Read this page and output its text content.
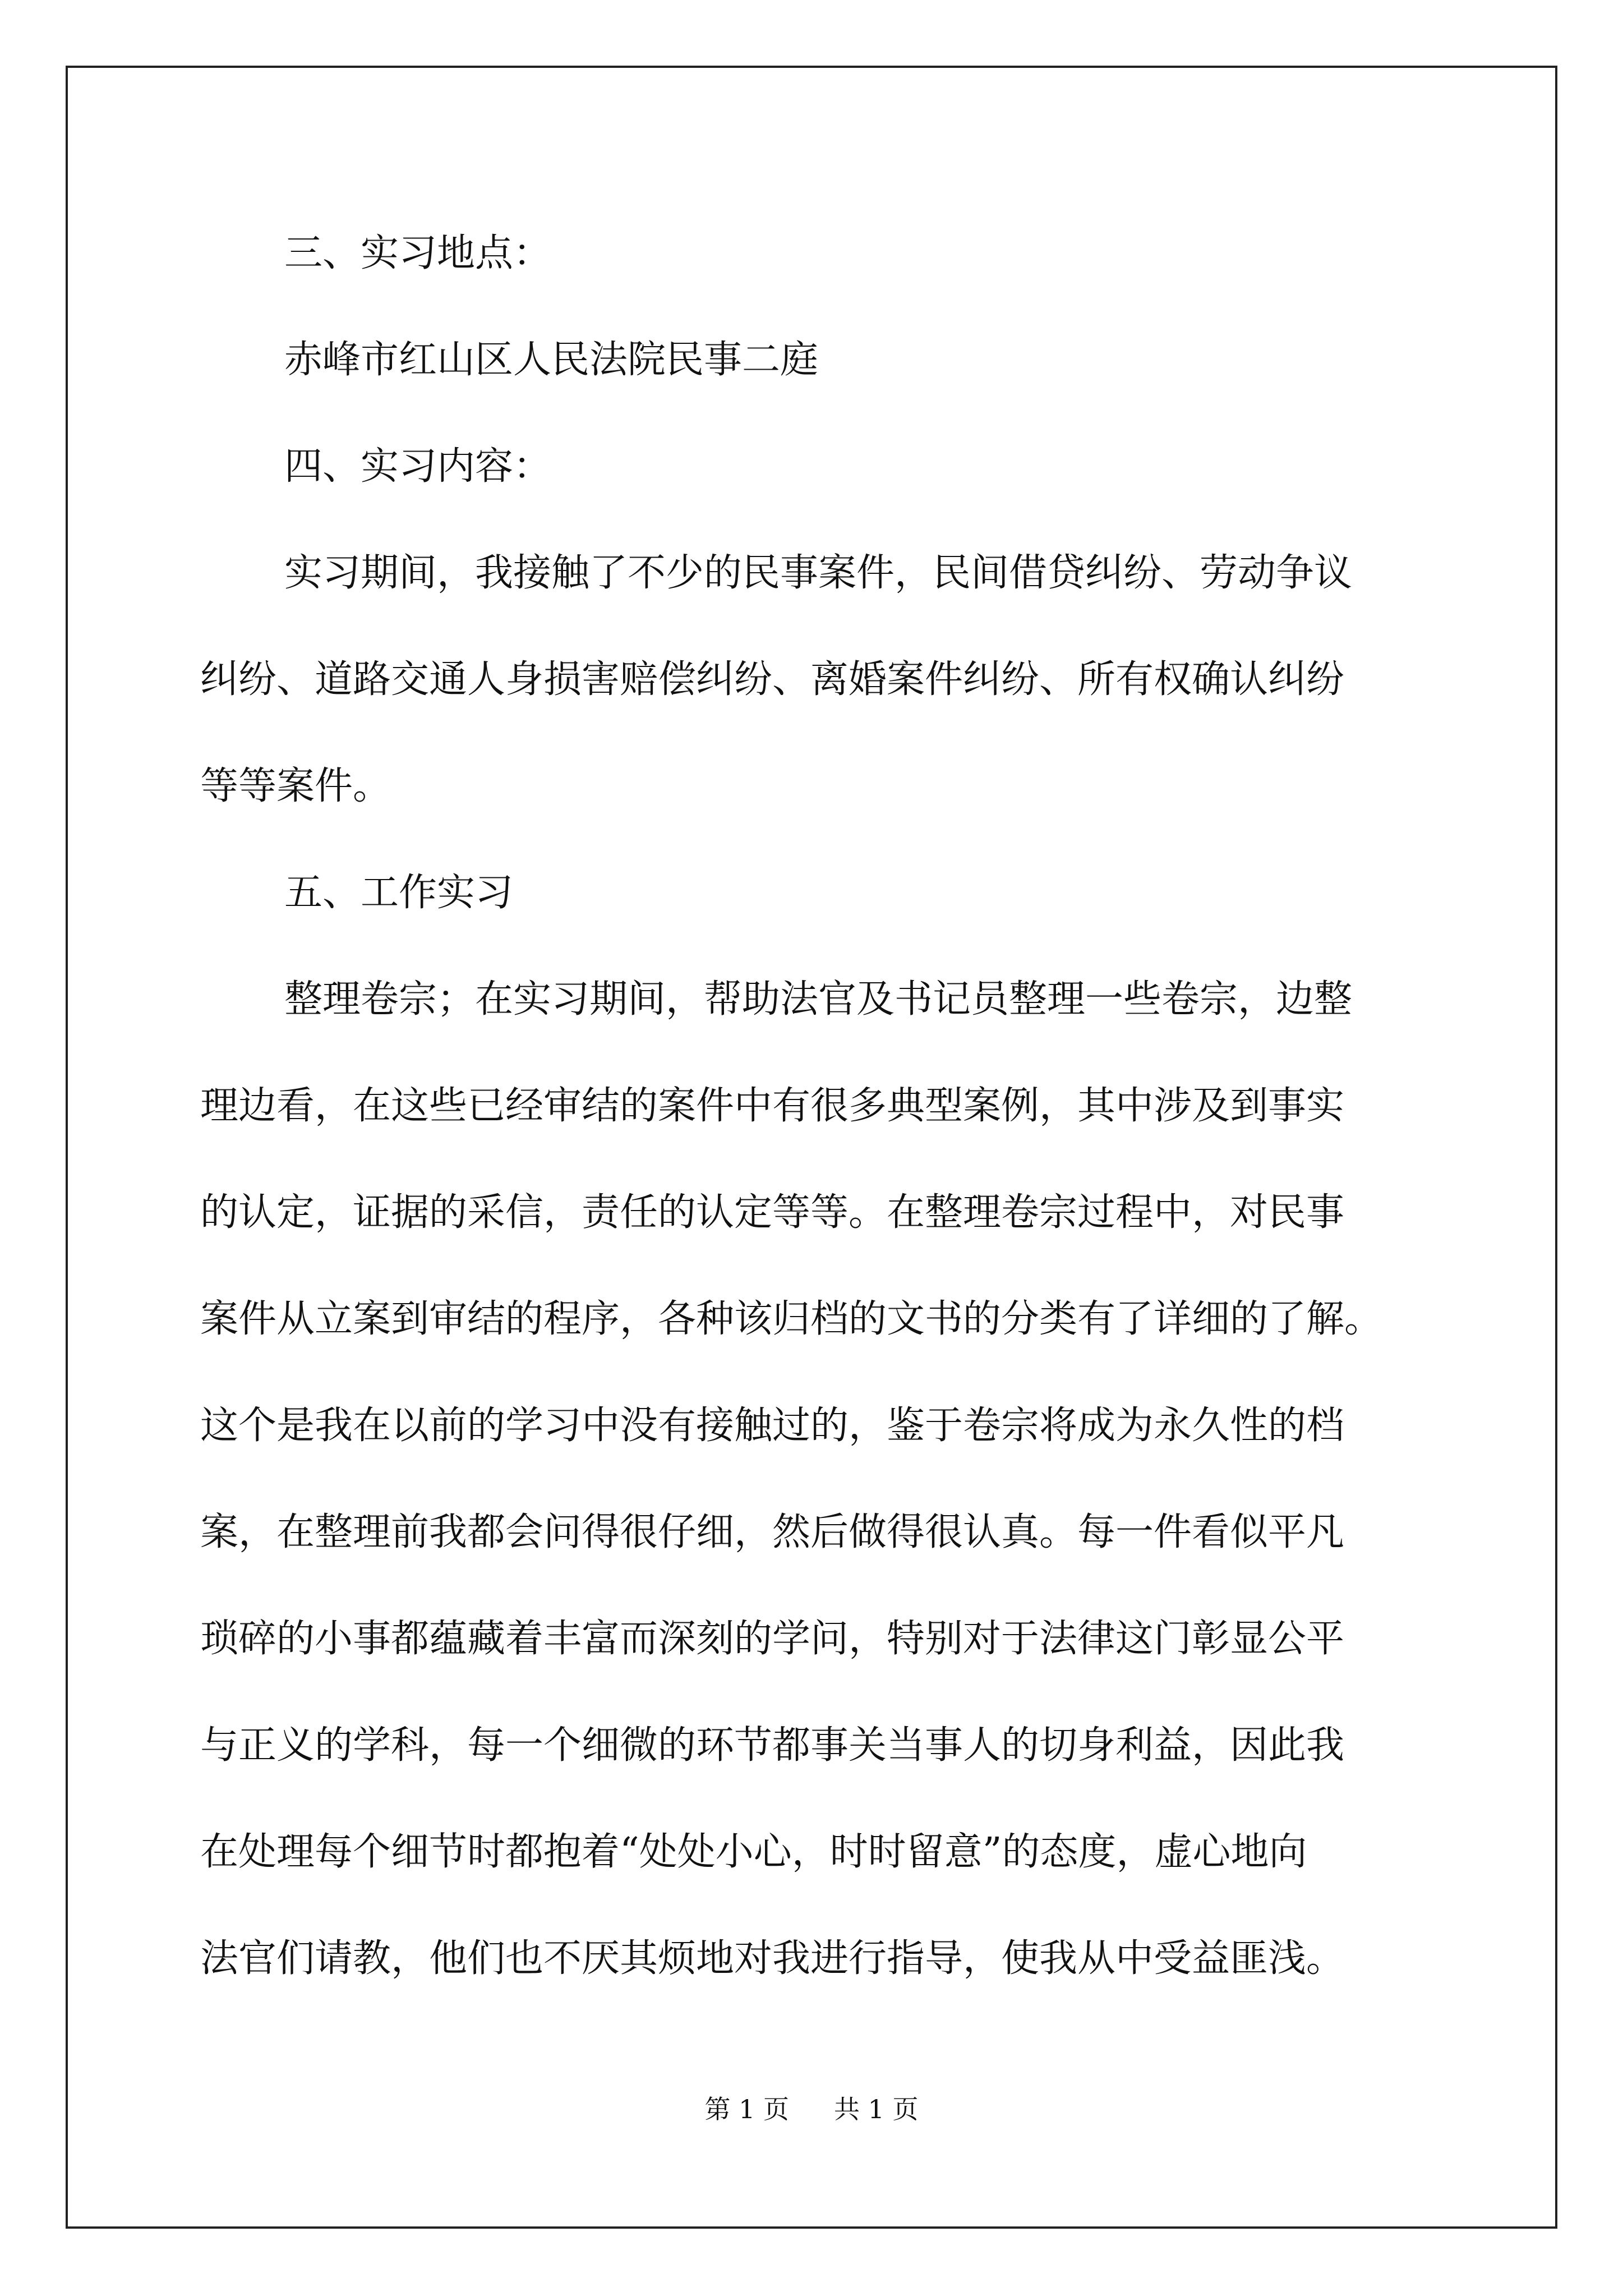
三、实习地点：
赤峰市红山区人民法院民事二庭
四、实习内容：
实习期间，我接触了不少的民事案件，民间借贷纠纷、劳动争议
纠纷、道路交通人身损害赔偿纠纷、离婚案件纠纷、所有权确认纠纷
等等案件。
五、工作实习
整理卷宗；在实习期间，帮助法官及书记员整理一些卷宗，边整
理边看，在这些已经审结的案件中有很多典型案例，其中涉及到事实
的认定，证据的采信，责任的认定等等。在整理卷宗过程中，对民事
案件从立案到审结的程序，各种该归档的文书的分类有了详细的了解。
这个是我在以前的学习中没有接触过的，鉴于卷宗将成为永久性的档
案，在整理前我都会问得很仔细，然后做得很认真。每一件看似平凡
琐碎的小事都蕴藏着丰富而深刻的学问，特别对于法律这门彰显公平
与正义的学科，每一个细微的环节都事关当事人的切身利益，因此我
在处理每个细节时都抱着“处处小心，时时留意”的态度，虚心地向
法官们请教，他们也不厌其烦地对我进行指导，使我从中受益匪浅。
第 1 页 共 1 页
